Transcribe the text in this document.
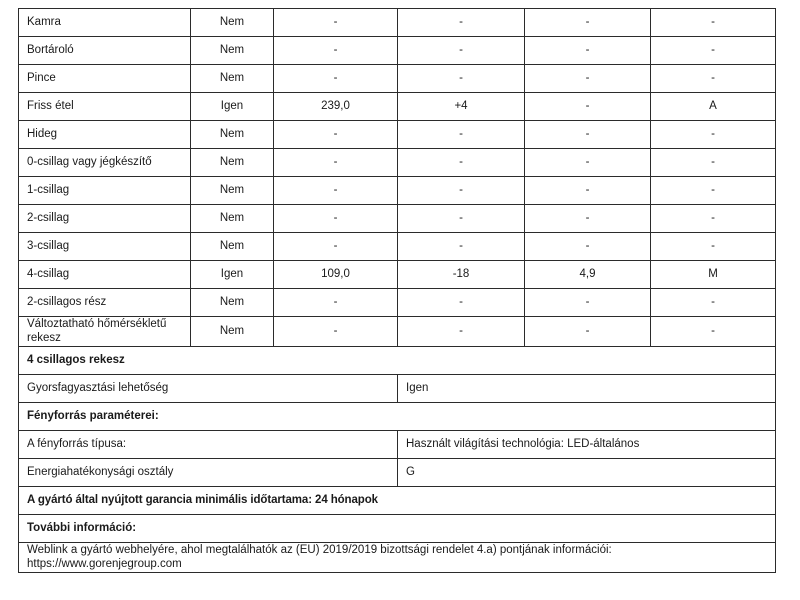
Kamra	Nem	-	-	-	-
Bortároló	Nem	-	-	-	-
Pince	Nem	-	-	-	-
Friss étel	Igen	239,0	+4	-	A
Hideg	Nem	-	-	-	-
0-csillag vagy jégkészítő	Nem	-	-	-	-
1-csillag	Nem	-	-	-	-
2-csillag	Nem	-	-	-	-
3-csillag	Nem	-	-	-	-
4-csillag	Igen	109,0	-18	4,9	M
2-csillagos rész	Nem	-	-	-	-
Változtatható hőmérsékletű rekesz	Nem	-	-	-	-
4 csillagos rekesz					
Gyorsfagyasztási lehetőség			Igen		
Fényforrás paraméterei:					
A fényforrás típusa:			Használt világítási technológia: LED-általános		
Energiahatékonysági osztály			G		
A gyártó által nyújtott garancia minimális időtartama: 24 hónapok					
További információ:					

Weblink a gyártó webhelyére, ahol megtalálhatók az (EU) 2019/2019 bizottsági rendelet 4.a) pontjának információi:
https://www.gorenjegroup.com					
